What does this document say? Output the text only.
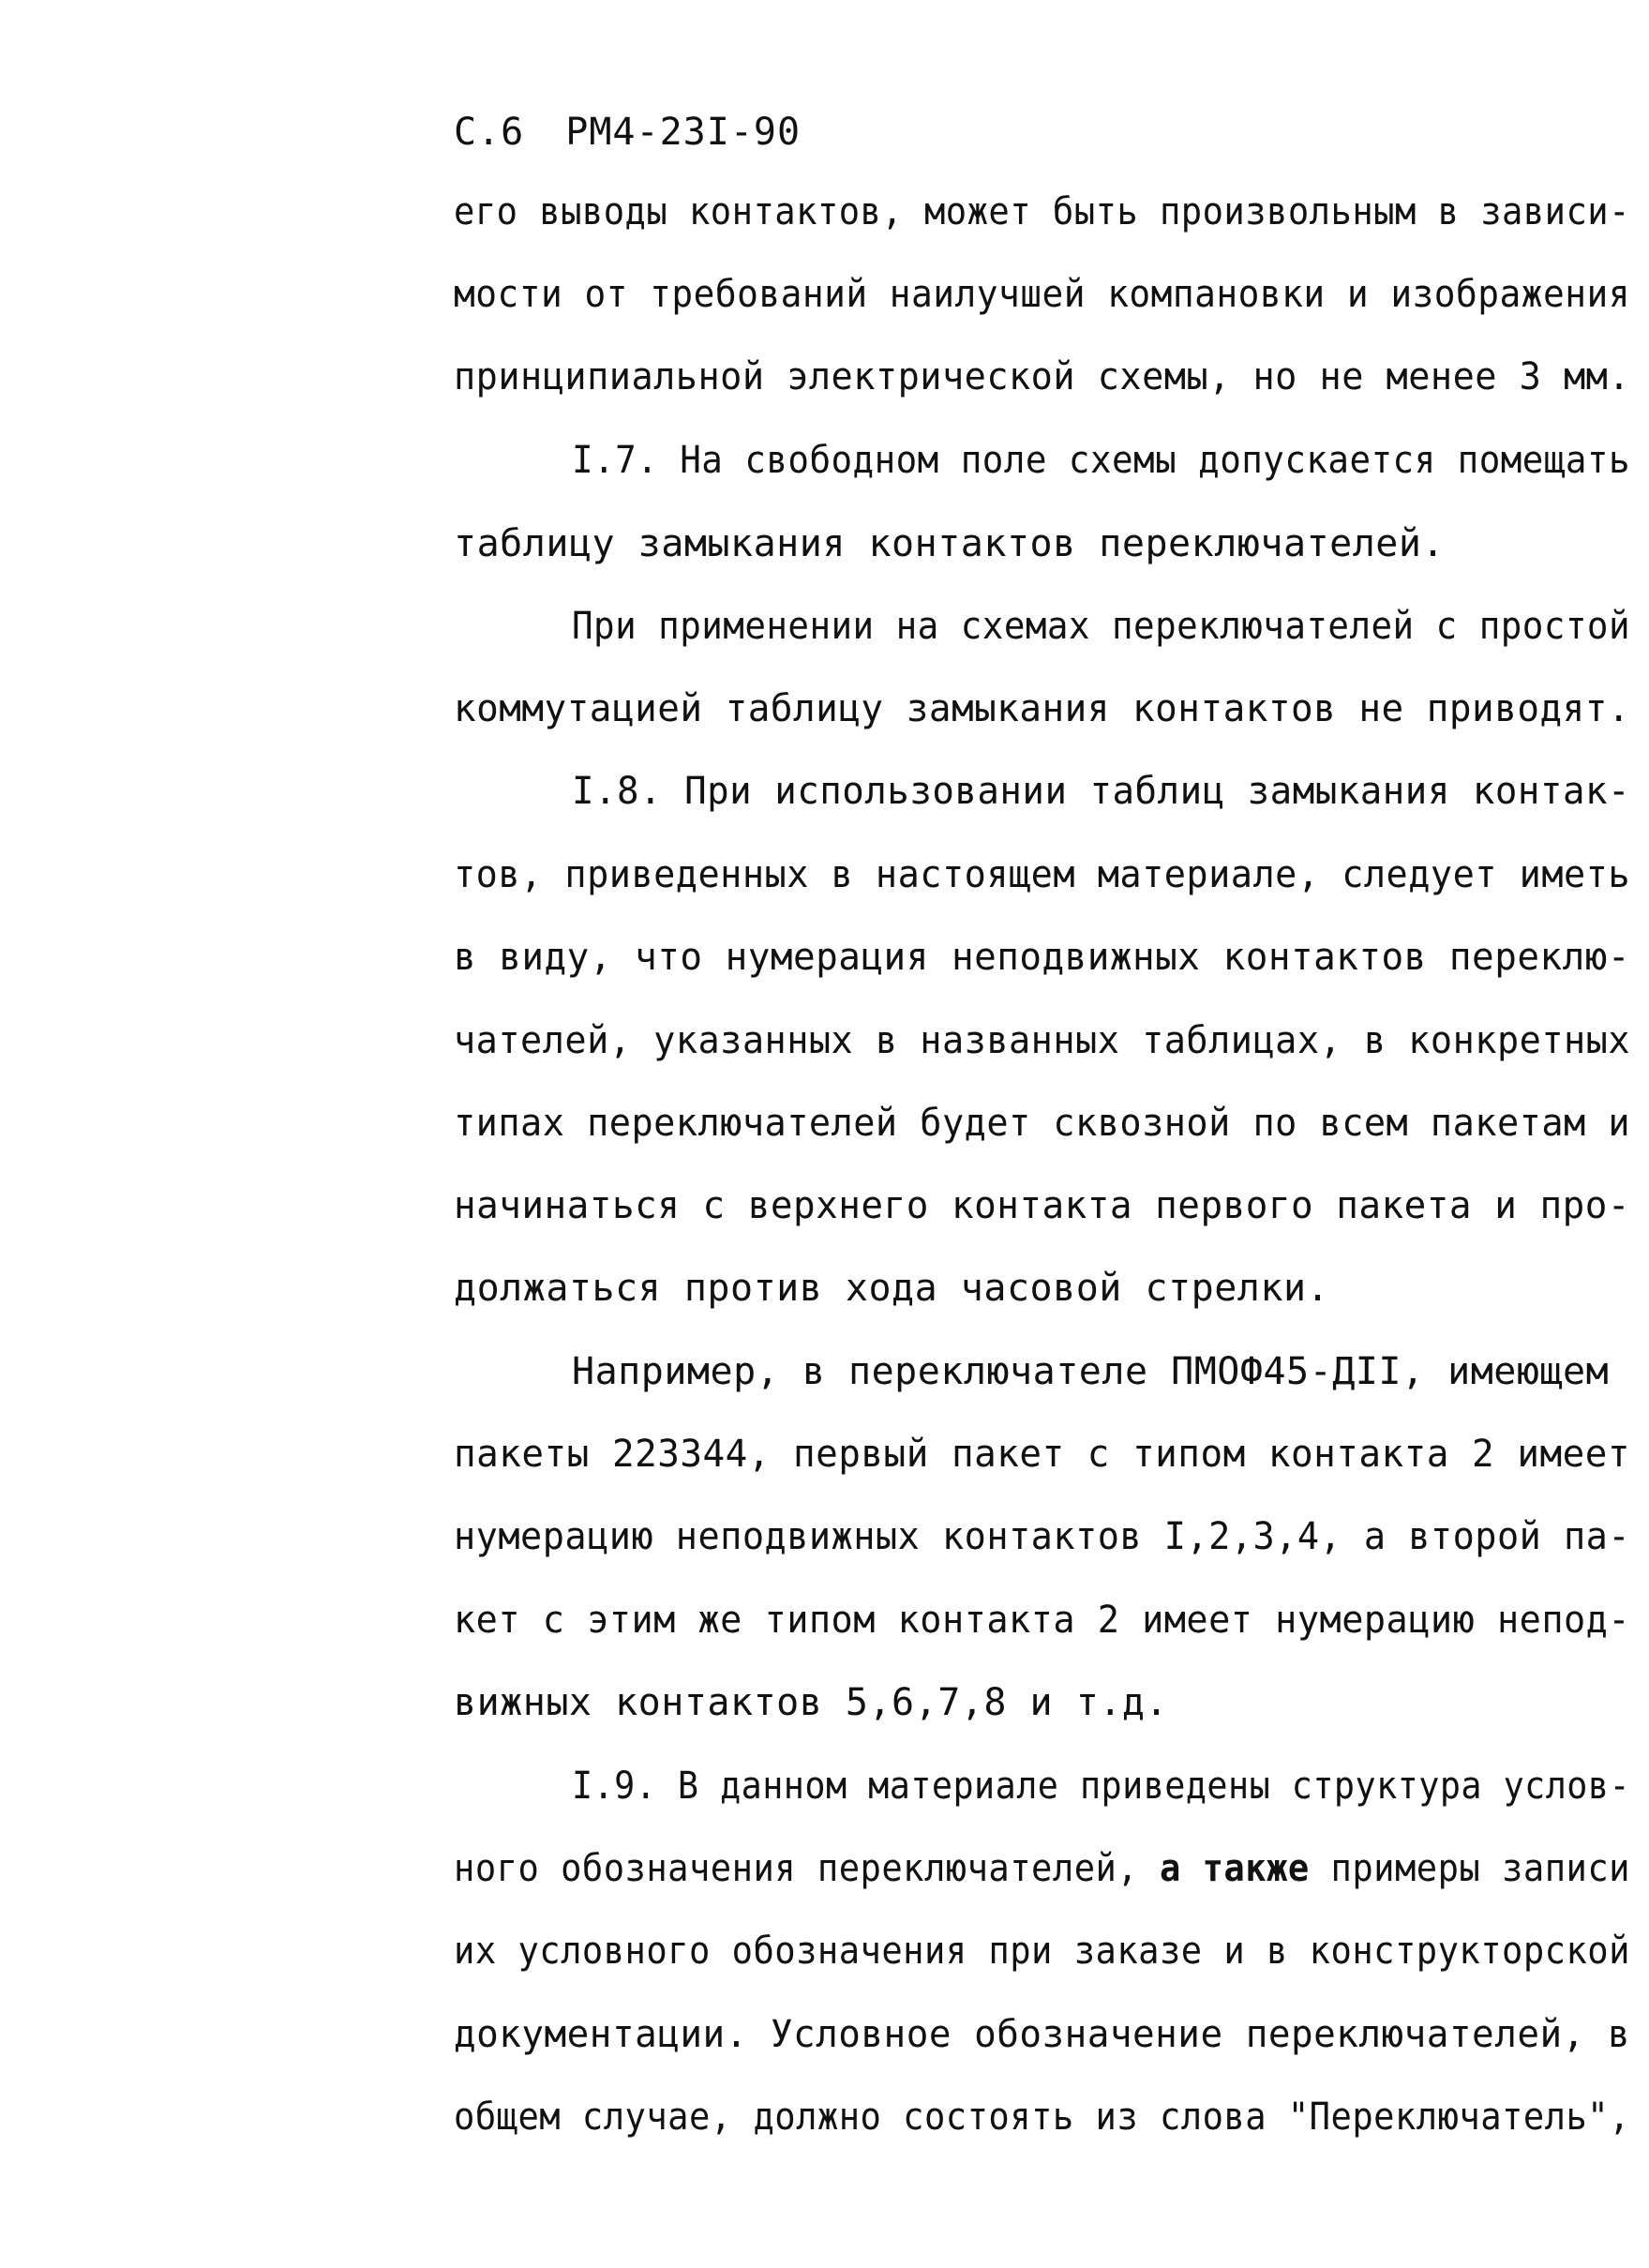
С.6 РМ4-23I-90
его выводы контактов, может быть произвольным в зависи-
мости от требований наилучшей компановки и изображения
принципиальной электрической схемы, но не менее 3 мм.
I.7. На свободном поле схемы допускается помещать
таблицу замыкания контактов переключателей.
При применении на схемах переключателей с простой
коммутацией таблицу замыкания контактов не приводят.
I.8. При использовании таблиц замыкания контак-
тов, приведенных в настоящем материале, следует иметь
в виду, что нумерация неподвижных контактов переклю-
чателей, указанных в названных таблицах, в конкретных
типах переключателей будет сквозной по всем пакетам и
начинаться с верхнего контакта первого пакета и про-
должаться против хода часовой стрелки.
Например, в переключателе ПМОФ45-ДII, имеющем
пакеты 223344, первый пакет с типом контакта 2 имеет
нумерацию неподвижных контактов I,2,3,4, а второй па-
кет с этим же типом контакта 2 имеет нумерацию непод-
вижных контактов 5,6,7,8 и т.д.
I.9. В данном материале приведены структура услов-
ного обозначения переключателей, а также примеры записи
их условного обозначения при заказе и в конструкторской
документации. Условное обозначение переключателей, в
общем случае, должно состоять из слова "Переключатель",
